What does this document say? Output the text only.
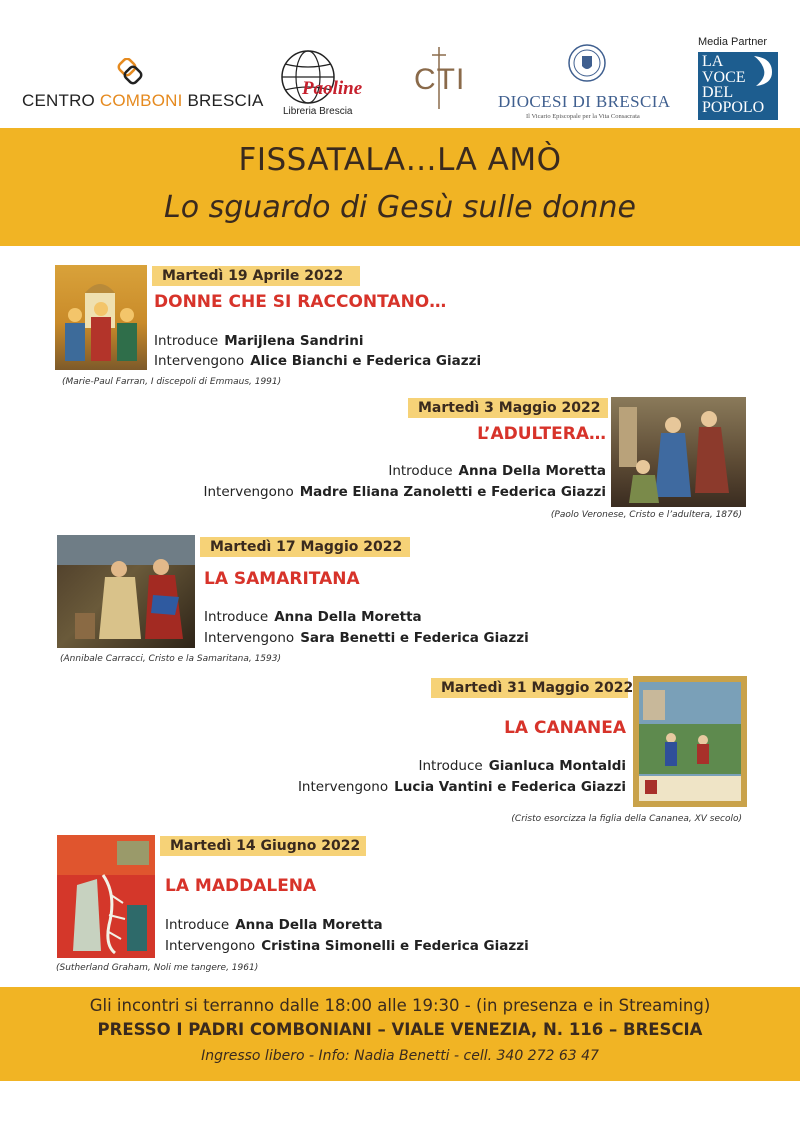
CENTRO COMBONI BRESCIA
Paoline
Libreria Brescia
CTI
DIOCESI DI BRESCIA
Il Vicario Episcopale per la Vita Consacrata
Media Partner
LA
VOCE
DEL
POPOLO
FISSATALA…LA AMÒ
Lo sguardo di Gesù sulle donne
Martedì 19 Aprile 2022
DONNE CHE SI RACCONTANO…
Introduce Marijlena Sandrini
Intervengono Alice Bianchi e Federica Giazzi
(Marie-Paul Farran, I discepoli di Emmaus, 1991)
Martedì 3 Maggio 2022
L’ADULTERA…
Introduce Anna Della Moretta
Intervengono Madre Eliana Zanoletti e Federica Giazzi
(Paolo Veronese, Cristo e l’adultera, 1876)
Martedì 17 Maggio 2022
LA SAMARITANA
Introduce Anna Della Moretta
Intervengono Sara Benetti e Federica Giazzi
(Annibale Carracci, Cristo e la Samaritana, 1593)
Martedì 31 Maggio 2022
LA CANANEA
Introduce Gianluca Montaldi
Intervengono Lucia Vantini e Federica Giazzi
(Cristo esorcizza la figlia della Cananea, XV secolo)
Martedì 14 Giugno 2022
LA MADDALENA
Introduce Anna Della Moretta
Intervengono Cristina Simonelli e Federica Giazzi
(Sutherland Graham, Noli me tangere, 1961)
Gli incontri si terranno dalle 18:00 alle 19:30 - (in presenza e in Streaming)
PRESSO I PADRI COMBONIANI – VIALE VENEZIA, N. 116 – BRESCIA
Ingresso libero - Info: Nadia Benetti - cell. 340 272 63 47
